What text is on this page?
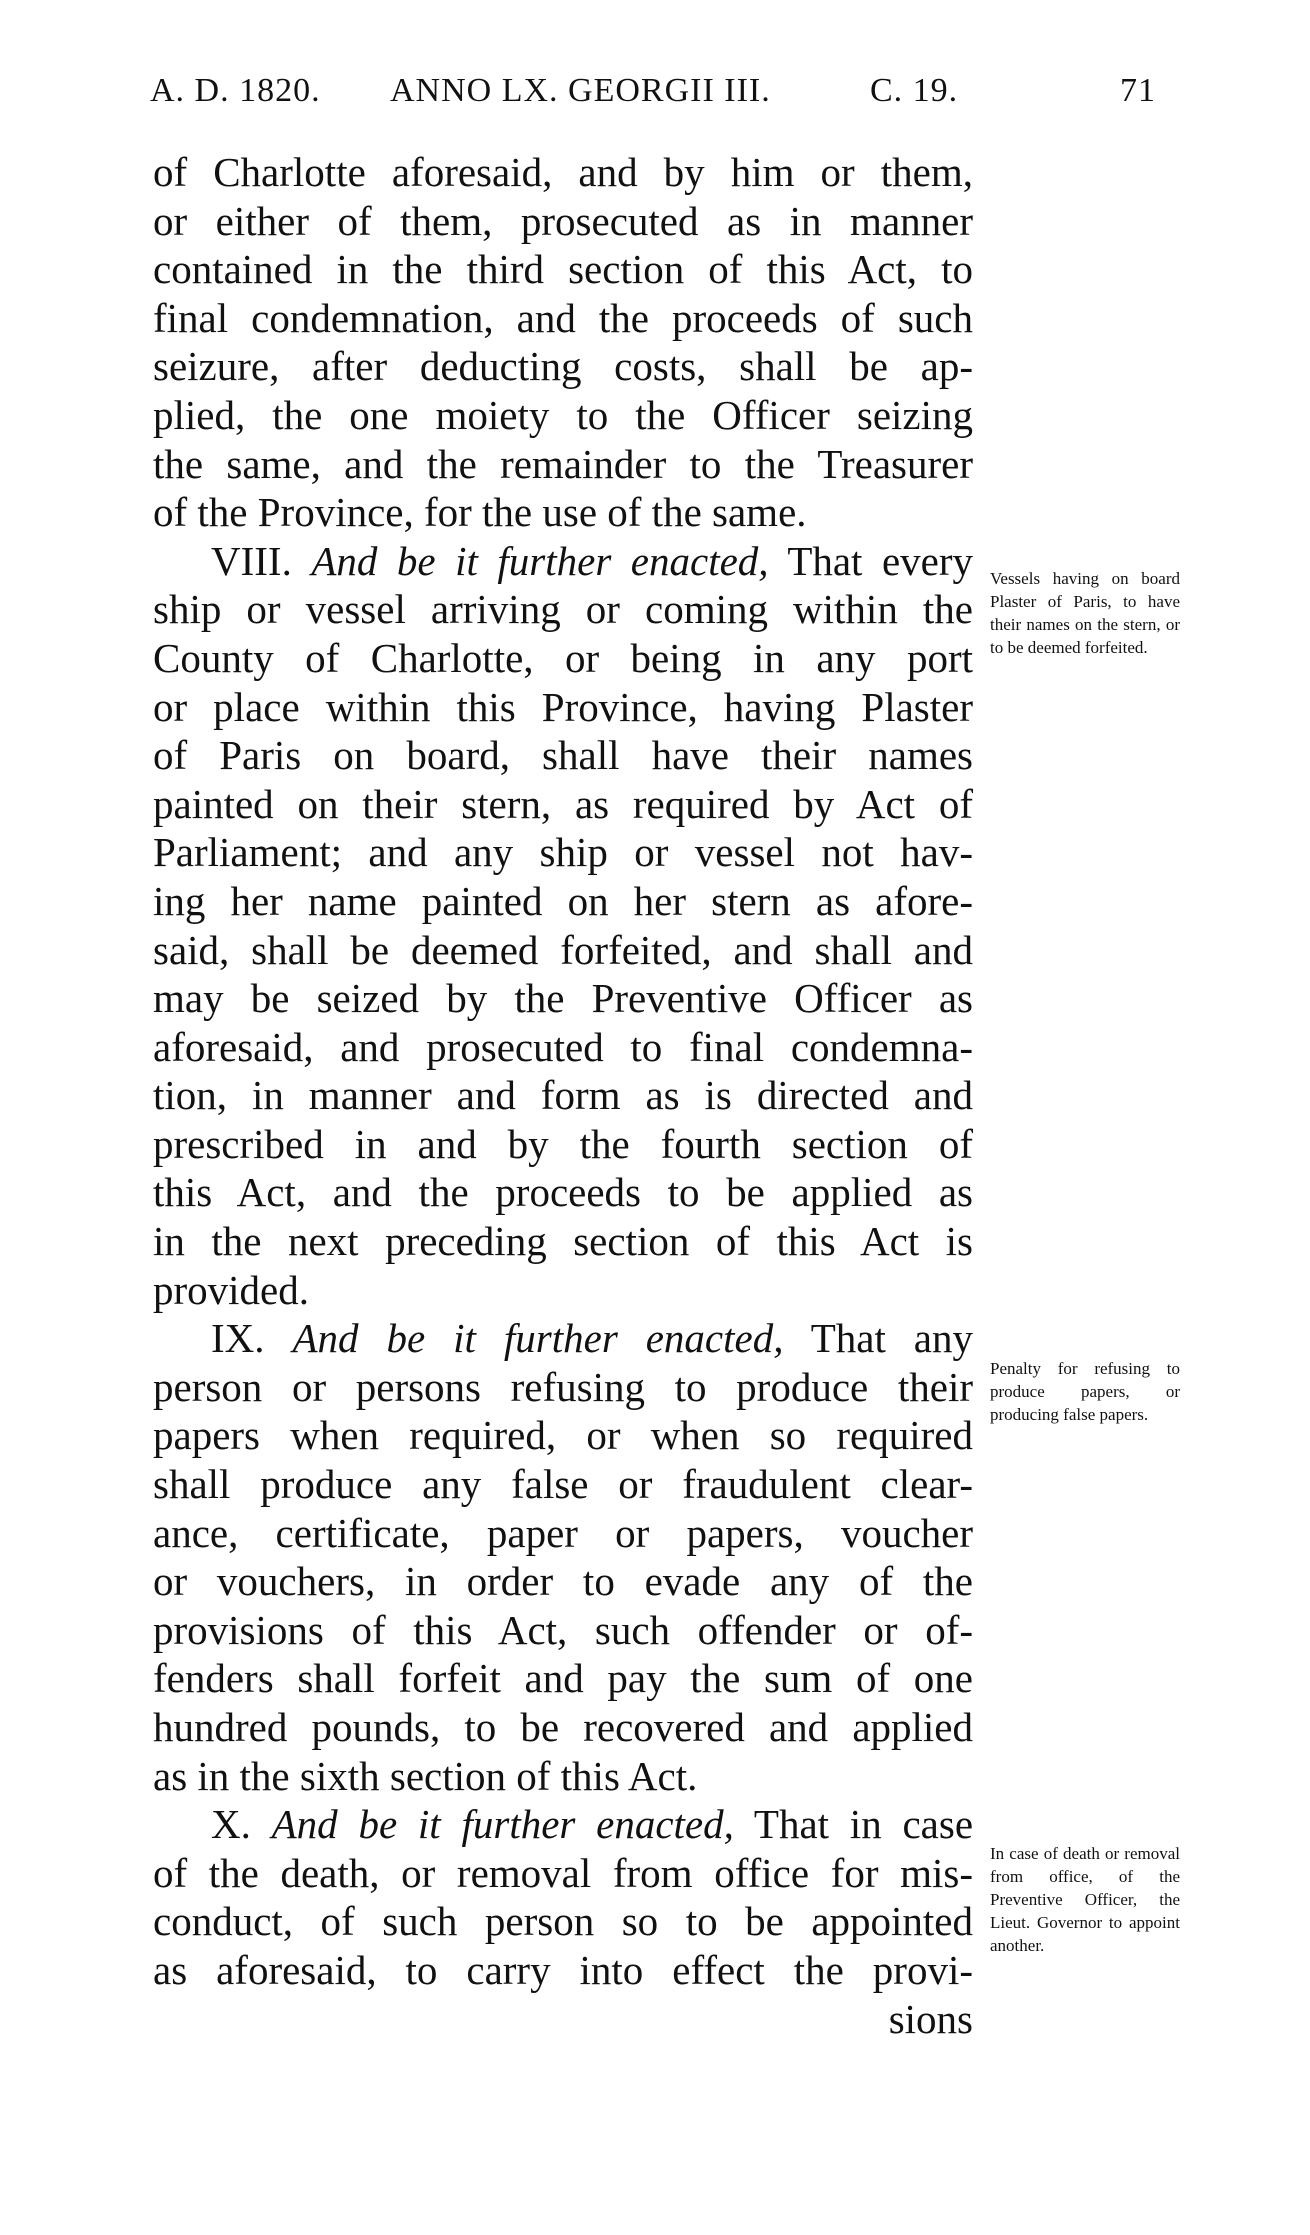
A. D. 1820. ANNO LX. GEORGII III.	C. 19.	71
of Charlotte aforesaid, and by him or them,
or either of them, prosecuted as in manner
contained in the third section of this Act, to
final condemnation, and the proceeds of such
seizure, after deducting costs, shall be ap-
plied, the one moiety to the Officer seizing
the same, and the remainder to the Treasurer
of the Province, for the use of the same.
VIII. And be it further enacted, That every
ship or vessel arriving or coming within the
County of Charlotte, or being in any port
or place within this Province, having Plaster
of Paris on board, shall have their names
painted on their stern, as required by Act of
Parliament; and any ship or vessel not hav-
ing her name painted on her stern as afore-
said, shall be deemed forfeited, and shall and
may be seized by the Preventive Officer as
aforesaid, and prosecuted to final condemna-
tion, in manner and form as is directed and
prescribed in and by the fourth section of
this Act, and the proceeds to be applied as
in the next preceding section of this Act is
provided.
IX. And be it further enacted, That any
person or persons refusing to produce their
papers when required, or when so required
shall produce any false or fraudulent clear-
ance, certificate, paper or papers, voucher
or vouchers, in order to evade any of the
provisions of this Act, such offender or of-
fenders shall forfeit and pay the sum of one
hundred pounds, to be recovered and applied
as in the sixth section of this Act.
X. And be it further enacted, That in case
of the death, or removal from office for mis-
conduct, of such person so to be appointed
as aforesaid, to carry into effect the provi-
sions
Vessels having on board Plaster of Paris, to have their names on the stern, or to be deemed forfeited.
Penalty for refusing to produce papers, or producing false papers.
In case of death or removal from office, of the Preventive Officer, the Lieut. Governor to appoint another.
